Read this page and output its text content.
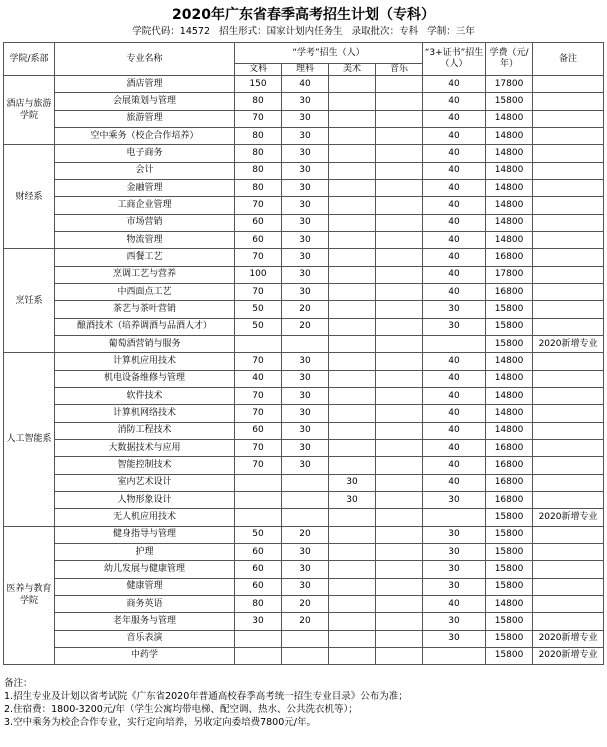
2020年广东省春季高考招生计划（专科）
学院代码：14572   招生形式：国家计划内任务生   录取批次：专科   学制：三年
学院/系部	专业名称	“学考”招生（人）				“3+证书”招生（人）	学费（元/年）	备注
		文科	理科	美术	音乐			
酒店与旅游学院	酒店管理	150	40			40	17800	
	会展策划与管理	80	30			40	15800	
	旅游管理	70	30			40	14800	
	空中乘务（校企合作培养）	80	30			40	14800	
财经系	电子商务	80	30			40	14800	
	会计	80	30			40	14800	
	金融管理	80	30			40	14800	
	工商企业管理	70	30			40	14800	
	市场营销	60	30			40	14800	
	物流管理	60	30			40	14800	
烹饪系	西餐工艺	70	30			40	16800	
	烹调工艺与营养	100	30			40	17800	
	中西面点工艺	70	30			40	16800	
	茶艺与茶叶营销	50	20			30	15800	
	酿酒技术（培养调酒与品酒人才）	50	20			30	15800	
	葡萄酒营销与服务						15800	2020新增专业
人工智能系	计算机应用技术	70	30			40	14800	
	机电设备维修与管理	40	30			40	14800	
	软件技术	70	30			40	14800	
	计算机网络技术	70	30			40	14800	
	消防工程技术	60	30			40	14800	
	大数据技术与应用	70	30			40	16800	
	智能控制技术	70	30			40	16800	
	室内艺术设计			30		40	16800	
	人物形象设计			30		30	16800	
	无人机应用技术						15800	2020新增专业
医养与教育学院	健身指导与管理	50	20			30	15800	
	护理	60	30			30	15800	
	幼儿发展与健康管理	60	30			30	15800	
	健康管理	60	30			30	15800	
	商务英语	80	20			40	14800	
	老年服务与管理	30	20			30	15800	
	音乐表演					30	15800	2020新增专业
	中药学						15800	2020新增专业
备注：
1.招生专业及计划以省考试院《广东省2020年普通高校春季高考统一招生专业目录》公布为准；
2.住宿费：1800-3200元/年（学生公寓均带电梯、配空调、热水、公共洗衣机等）；
3.空中乘务为校企合作专业，实行定向培养，另收定向委培费7800元/年。
